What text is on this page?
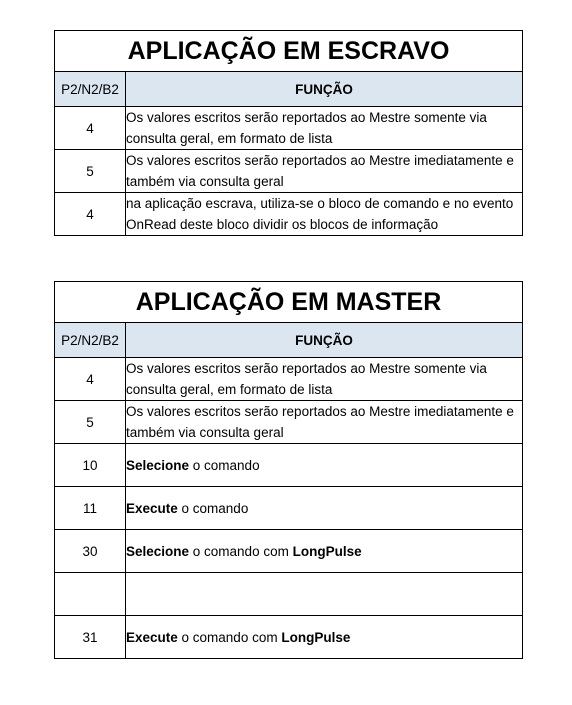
APLICAÇÃO EM ESCRAVO	
P2/N2/B2	FUNÇÃO
4	Os valores escritos serão reportados ao Mestre somente via consulta geral, em formato de lista
5	Os valores escritos serão reportados ao Mestre imediatamente e também via consulta geral
4	na aplicação escrava, utiliza-se o bloco de comando e no evento OnRead deste bloco dividir os blocos de informação
APLICAÇÃO EM MASTER	
P2/N2/B2	FUNÇÃO
4	Os valores escritos serão reportados ao Mestre somente via consulta geral, em formato de lista
5	Os valores escritos serão reportados ao Mestre imediatamente e também via consulta geral
10	Selecione o comando
11	Execute o comando
30	Selecione o comando com LongPulse

31	Execute o comando com LongPulse
